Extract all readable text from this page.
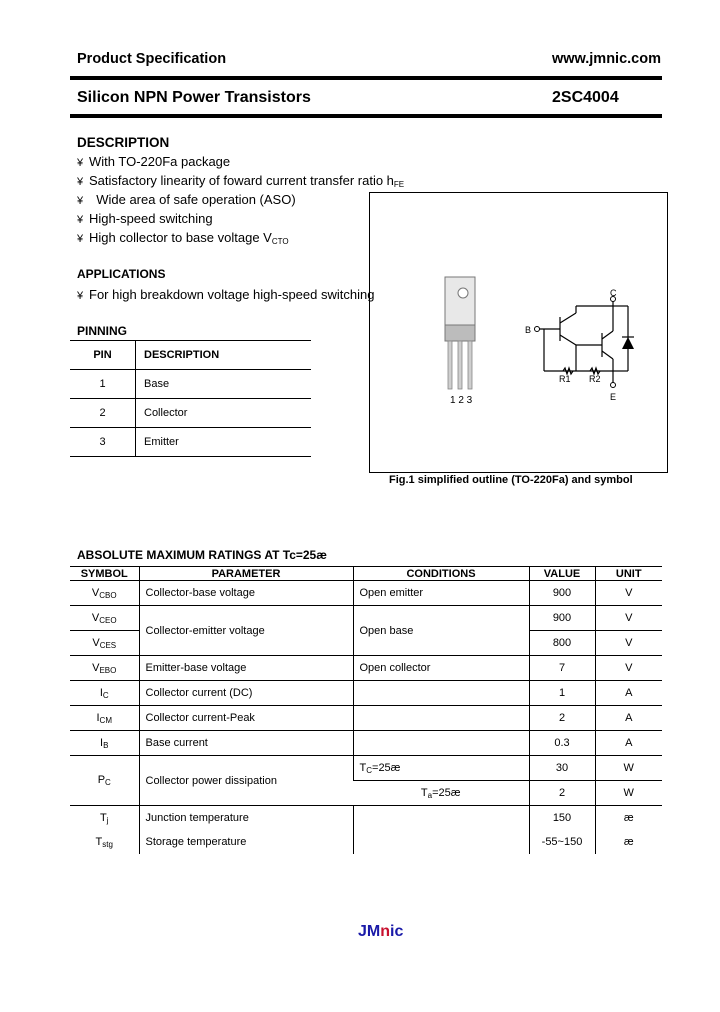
Product Specification	www.jmnic.com
Silicon NPN Power Transistors	2SC4004
DESCRIPTION
¥ With TO-220Fa package
¥ Satisfactory linearity of foward current transfer ratio $h_{FE}$
¥  Wide area of safe operation (ASO)
¥ High-speed switching
¥ High collector to base voltage $V_{CTO}$
APPLICATIONS
¥ For high breakdown voltage high-speed switching
PINNING
PIN	DESCRIPTION
1	Base
2	Collector
3	Emitter
1 2 3
C
B
E
R1 R2
Fig.1 simplified outline (TO-220Fa) and symbol
ABSOLUTE MAXIMUM RATINGS AT Tc=25æ
SYMBOL	PARAMETER	CONDITIONS	VALUE	UNIT
$V_{CBO}$	Collector-base voltage	Open emitter	900	V
$V_{CEO}$	Collector-emitter voltage	Open base	900	V
$V_{CES}$			800	V
$V_{EBO}$	Emitter-base voltage	Open collector	7	V
$I_C$	Collector current (DC)		1	A
$I_{CM}$	Collector current-Peak		2	A
$I_B$	Base current		0.3	A
$P_C$	Collector power dissipation	$T_C=25æ$	30	W
		$T_a=25æ$	2	W
$T_j$	Junction temperature		150	æ
$T_{stg}$	Storage temperature		-55~150	æ
JMnic
